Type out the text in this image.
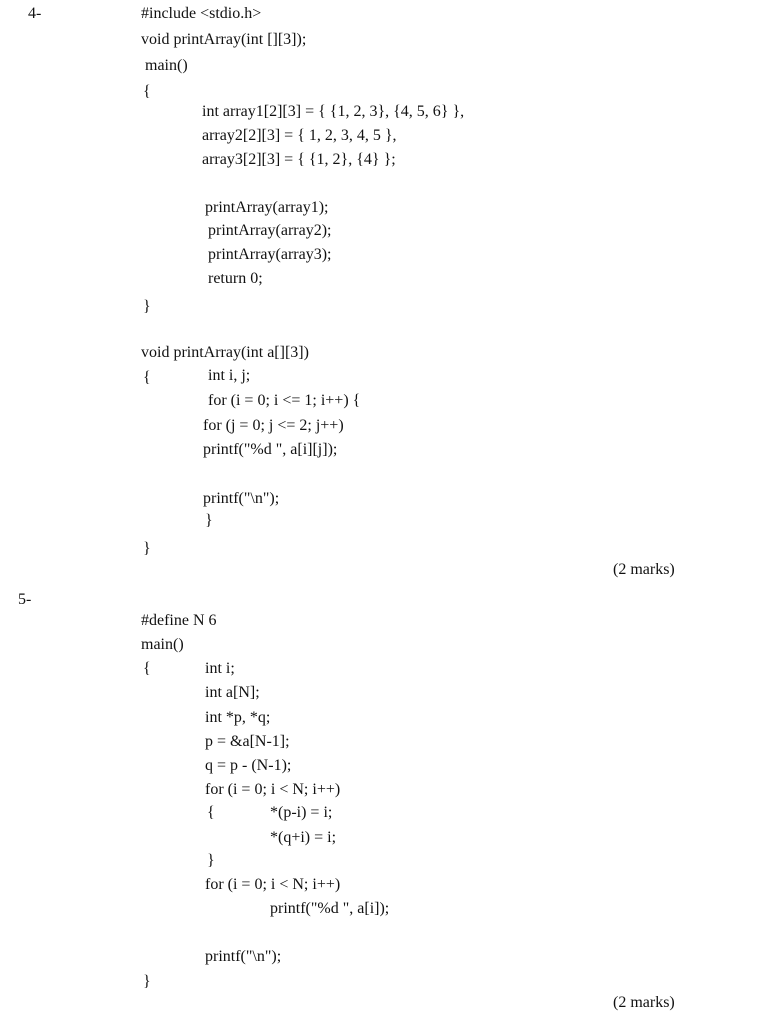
4-	#include <stdio.h>
void printArray(int [][3]);
main()
{
int array1[2][3] = { {1, 2, 3}, {4, 5, 6} },
array2[2][3] = { 1, 2, 3, 4, 5 },
array3[2][3] = { {1, 2}, {4} };
printArray(array1);
printArray(array2);
printArray(array3);
return 0;
}
void printArray(int a[][3])
{	int i, j;
for (i = 0; i <= 1; i++) {
for (j = 0; j <= 2; j++)
printf("%d ", a[i][j]);
printf("\n");
}
}
(2 marks)
5-
#define N 6
main()
{	int i;
int a[N];
int *p, *q;
p = &a[N-1];
q = p - (N-1);
for (i = 0; i < N; i++)
{	*(p-i) = i;
*(q+i) = i;
}
for (i = 0; i < N; i++)
printf("%d ", a[i]);
printf("\n");
}
(2 marks)
